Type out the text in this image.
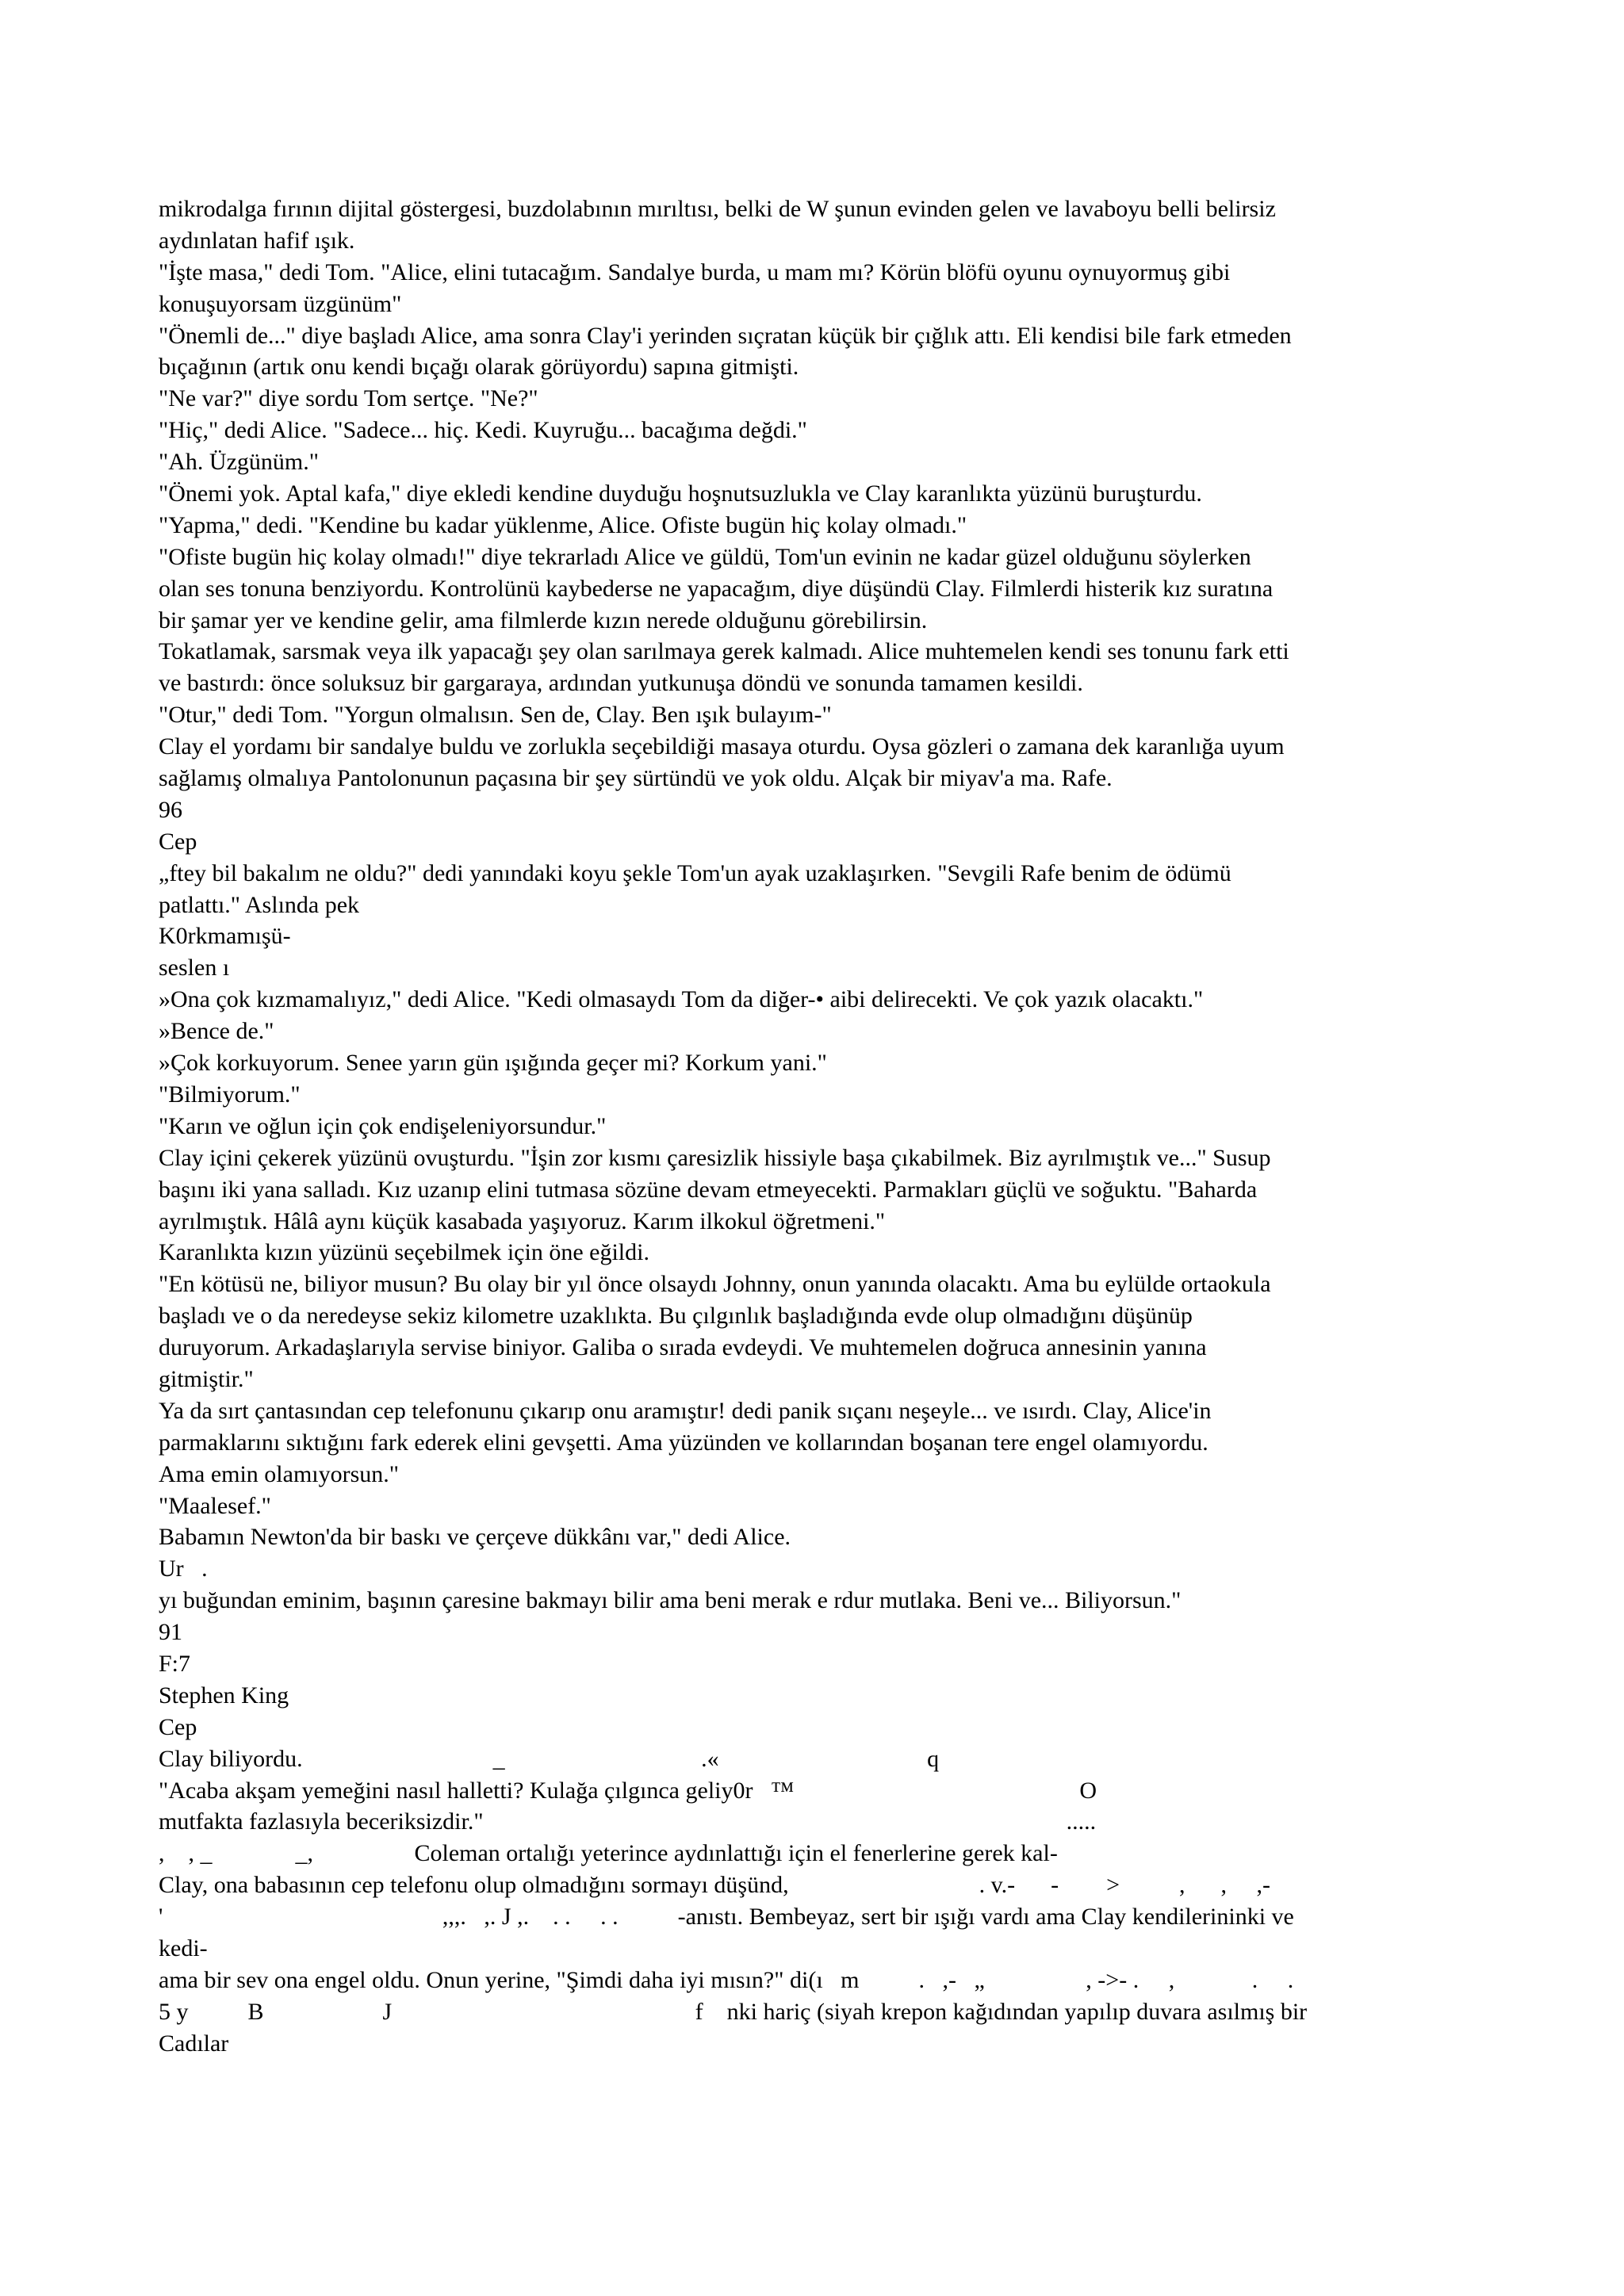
mikrodalga fırının dijital göstergesi, buzdolabının mırıltısı, belki de W şunun evinden gelen ve lavaboyu belli belirsiz
aydınlatan hafif ışık.
"İşte masa," dedi Tom. "Alice, elini tutacağım. Sandalye burda, u mam mı? Körün blöfü oyunu oynuyormuş gibi
konuşuyorsam üzgünüm"
"Önemli de..." diye başladı Alice, ama sonra Clay'i yerinden sıçratan küçük bir çığlık attı. Eli kendisi bile fark etmeden
bıçağının (artık onu kendi bıçağı olarak görüyordu) sapına gitmişti.
"Ne var?" diye sordu Tom sertçe. "Ne?"
"Hiç," dedi Alice. "Sadece... hiç. Kedi. Kuyruğu... bacağıma değdi."
"Ah. Üzgünüm."
"Önemi yok. Aptal kafa," diye ekledi kendine duyduğu hoşnutsuzlukla ve Clay karanlıkta yüzünü buruşturdu.
"Yapma," dedi. "Kendine bu kadar yüklenme, Alice. Ofiste bugün hiç kolay olmadı."
"Ofiste bugün hiç kolay olmadı!" diye tekrarladı Alice ve güldü, Tom'un evinin ne kadar güzel olduğunu söylerken
olan ses tonuna benziyordu. Kontrolünü kaybederse ne yapacağım, diye düşündü Clay. Filmlerdi histerik kız suratına
bir şamar yer ve kendine gelir, ama filmlerde kızın nerede olduğunu görebilirsin.
Tokatlamak, sarsmak veya ilk yapacağı şey olan sarılmaya gerek kalmadı. Alice muhtemelen kendi ses tonunu fark etti
ve bastırdı: önce soluksuz bir gargaraya, ardından yutkunuşa döndü ve sonunda tamamen kesildi.
"Otur," dedi Tom. "Yorgun olmalısın. Sen de, Clay. Ben ışık bulayım-"
Clay el yordamı bir sandalye buldu ve zorlukla seçebildiği masaya oturdu. Oysa gözleri o zamana dek karanlığa uyum
sağlamış olmalıya Pantolonunun paçasına bir şey sürtündü ve yok oldu. Alçak bir miyav'a ma. Rafe.
96
Cep
„ftey bil bakalım ne oldu?" dedi yanındaki koyu şekle Tom'un ayak uzaklaşırken. "Sevgili Rafe benim de ödümü
patlattı." Aslında pek
K0rkmamışü-
seslen ı
»Ona çok kızmamalıyız," dedi Alice. "Kedi olmasaydı Tom da diğer-• aibi delirecekti. Ve çok yazık olacaktı."
»Bence de."
»Çok korkuyorum. Senee yarın gün ışığında geçer mi? Korkum yani."
"Bilmiyorum."
"Karın ve oğlun için çok endişeleniyorsundur."
Clay içini çekerek yüzünü ovuşturdu. "İşin zor kısmı çaresizlik hissiyle başa çıkabilmek. Biz ayrılmıştık ve..." Susup
başını iki yana salladı. Kız uzanıp elini tutmasa sözüne devam etmeyecekti. Parmakları güçlü ve soğuktu. "Baharda
ayrılmıştık. Hâlâ aynı küçük kasabada yaşıyoruz. Karım ilkokul öğretmeni."
Karanlıkta kızın yüzünü seçebilmek için öne eğildi.
"En kötüsü ne, biliyor musun? Bu olay bir yıl önce olsaydı Johnny, onun yanında olacaktı. Ama bu eylülde ortaokula
başladı ve o da neredeyse sekiz kilometre uzaklıkta. Bu çılgınlık başladığında evde olup olmadığını düşünüp
duruyorum. Arkadaşlarıyla servise biniyor. Galiba o sırada evdeydi. Ve muhtemelen doğruca annesinin yanına
gitmiştir."
Ya da sırt çantasından cep telefonunu çıkarıp onu aramıştır! dedi panik sıçanı neşeyle... ve ısırdı. Clay, Alice'in
parmaklarını sıktığını fark ederek elini gevşetti. Ama yüzünden ve kollarından boşanan tere engel olamıyordu.
Ama emin olamıyorsun."
"Maalesef."
Babamın Newton'da bir baskı ve çerçeve dükkânı var," dedi Alice.
Ur   .
yı buğundan eminim, başının çaresine bakmayı bilir ama beni merak e rdur mutlaka. Beni ve... Biliyorsun."
91
F:7
Stephen King
Cep
Clay biliyordu.                                _                                 .«                                   q
"Acaba akşam yemeğini nasıl halletti? Kulağa çılgınca geliy0r   ™                                                O
mutfakta fazlasıyla beceriksizdir."                                                                                                  .....
,    , _              _,                 Coleman ortalığı yeterince aydınlattığı için el fenerlerine gerek kal-
Clay, ona babasının cep telefonu olup olmadığını sormayı düşünd,                                . v.-      -        >          ,      ,     ,-
'                                               ,,,.   ,. J ,.    . .     . .          -anıstı. Bembeyaz, sert bir ışığı vardı ama Clay kendilerininki ve
kedi-
ama bir sev ona engel oldu. Onun yerine, "Şimdi daha iyi mısın?" di(ı   m          .   ,-   „                 , ->- .     ,             .     .
5 y          B                    J                                                   f    nki hariç (siyah krepon kağıdından yapılıp duvara asılmış bir
Cadılar
